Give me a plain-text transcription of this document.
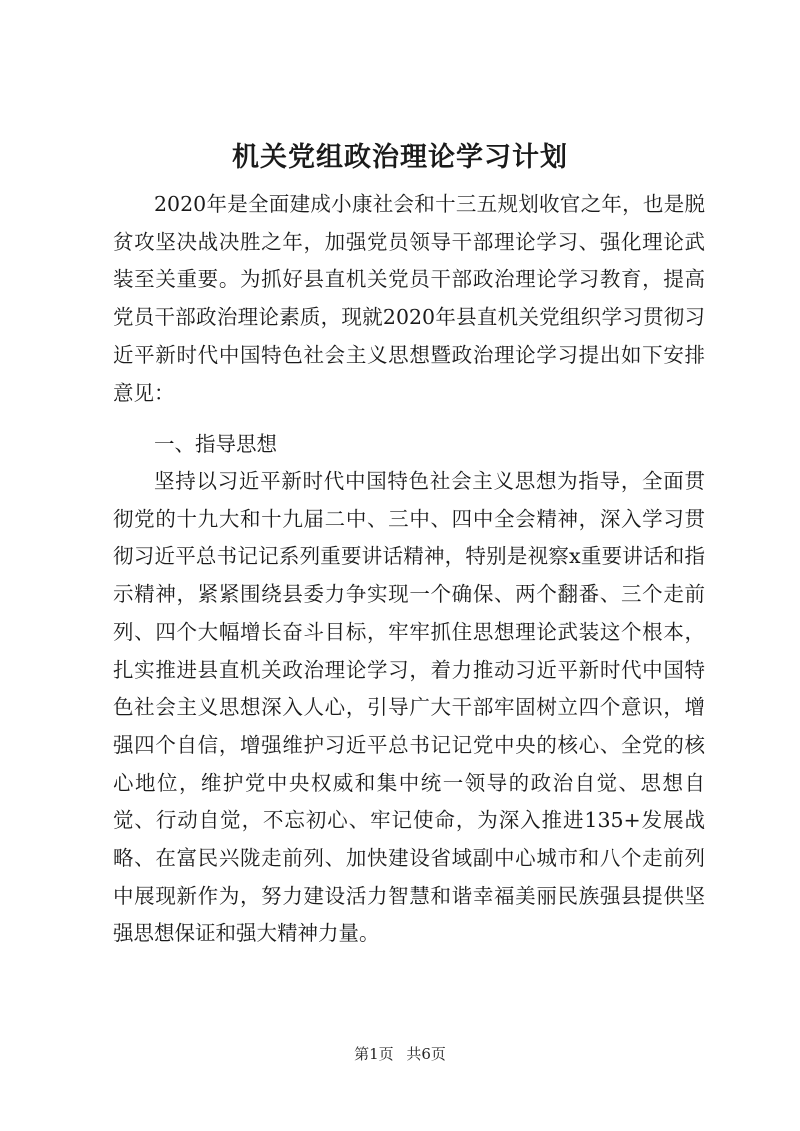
机关党组政治理论学习计划

2020年是全面建成小康社会和十三五规划收官之年，也是脱贫攻坚决战决胜之年，加强党员领导干部理论学习、强化理论武装至关重要。为抓好县直机关党员干部政治理论学习教育，提高党员干部政治理论素质，现就2020年县直机关党组织学习贯彻习近平新时代中国特色社会主义思想暨政治理论学习提出如下安排意见：

一、指导思想

坚持以习近平新时代中国特色社会主义思想为指导，全面贯彻党的十九大和十九届二中、三中、四中全会精神，深入学习贯彻习近平总书记记系列重要讲话精神，特别是视察x重要讲话和指示精神，紧紧围绕县委力争实现一个确保、两个翻番、三个走前列、四个大幅增长奋斗目标，牢牢抓住思想理论武装这个根本，扎实推进县直机关政治理论学习，着力推动习近平新时代中国特色社会主义思想深入人心，引导广大干部牢固树立四个意识，增强四个自信，增强维护习近平总书记记党中央的核心、全党的核心地位，维护党中央权威和集中统一领导的政治自觉、思想自觉、行动自觉，不忘初心、牢记使命，为深入推进135+发展战略、在富民兴陇走前列、加快建设省域副中心城市和八个走前列中展现新作为，努力建设活力智慧和谐幸福美丽民族强县提供坚强思想保证和强大精神力量。

第1页 共6页
